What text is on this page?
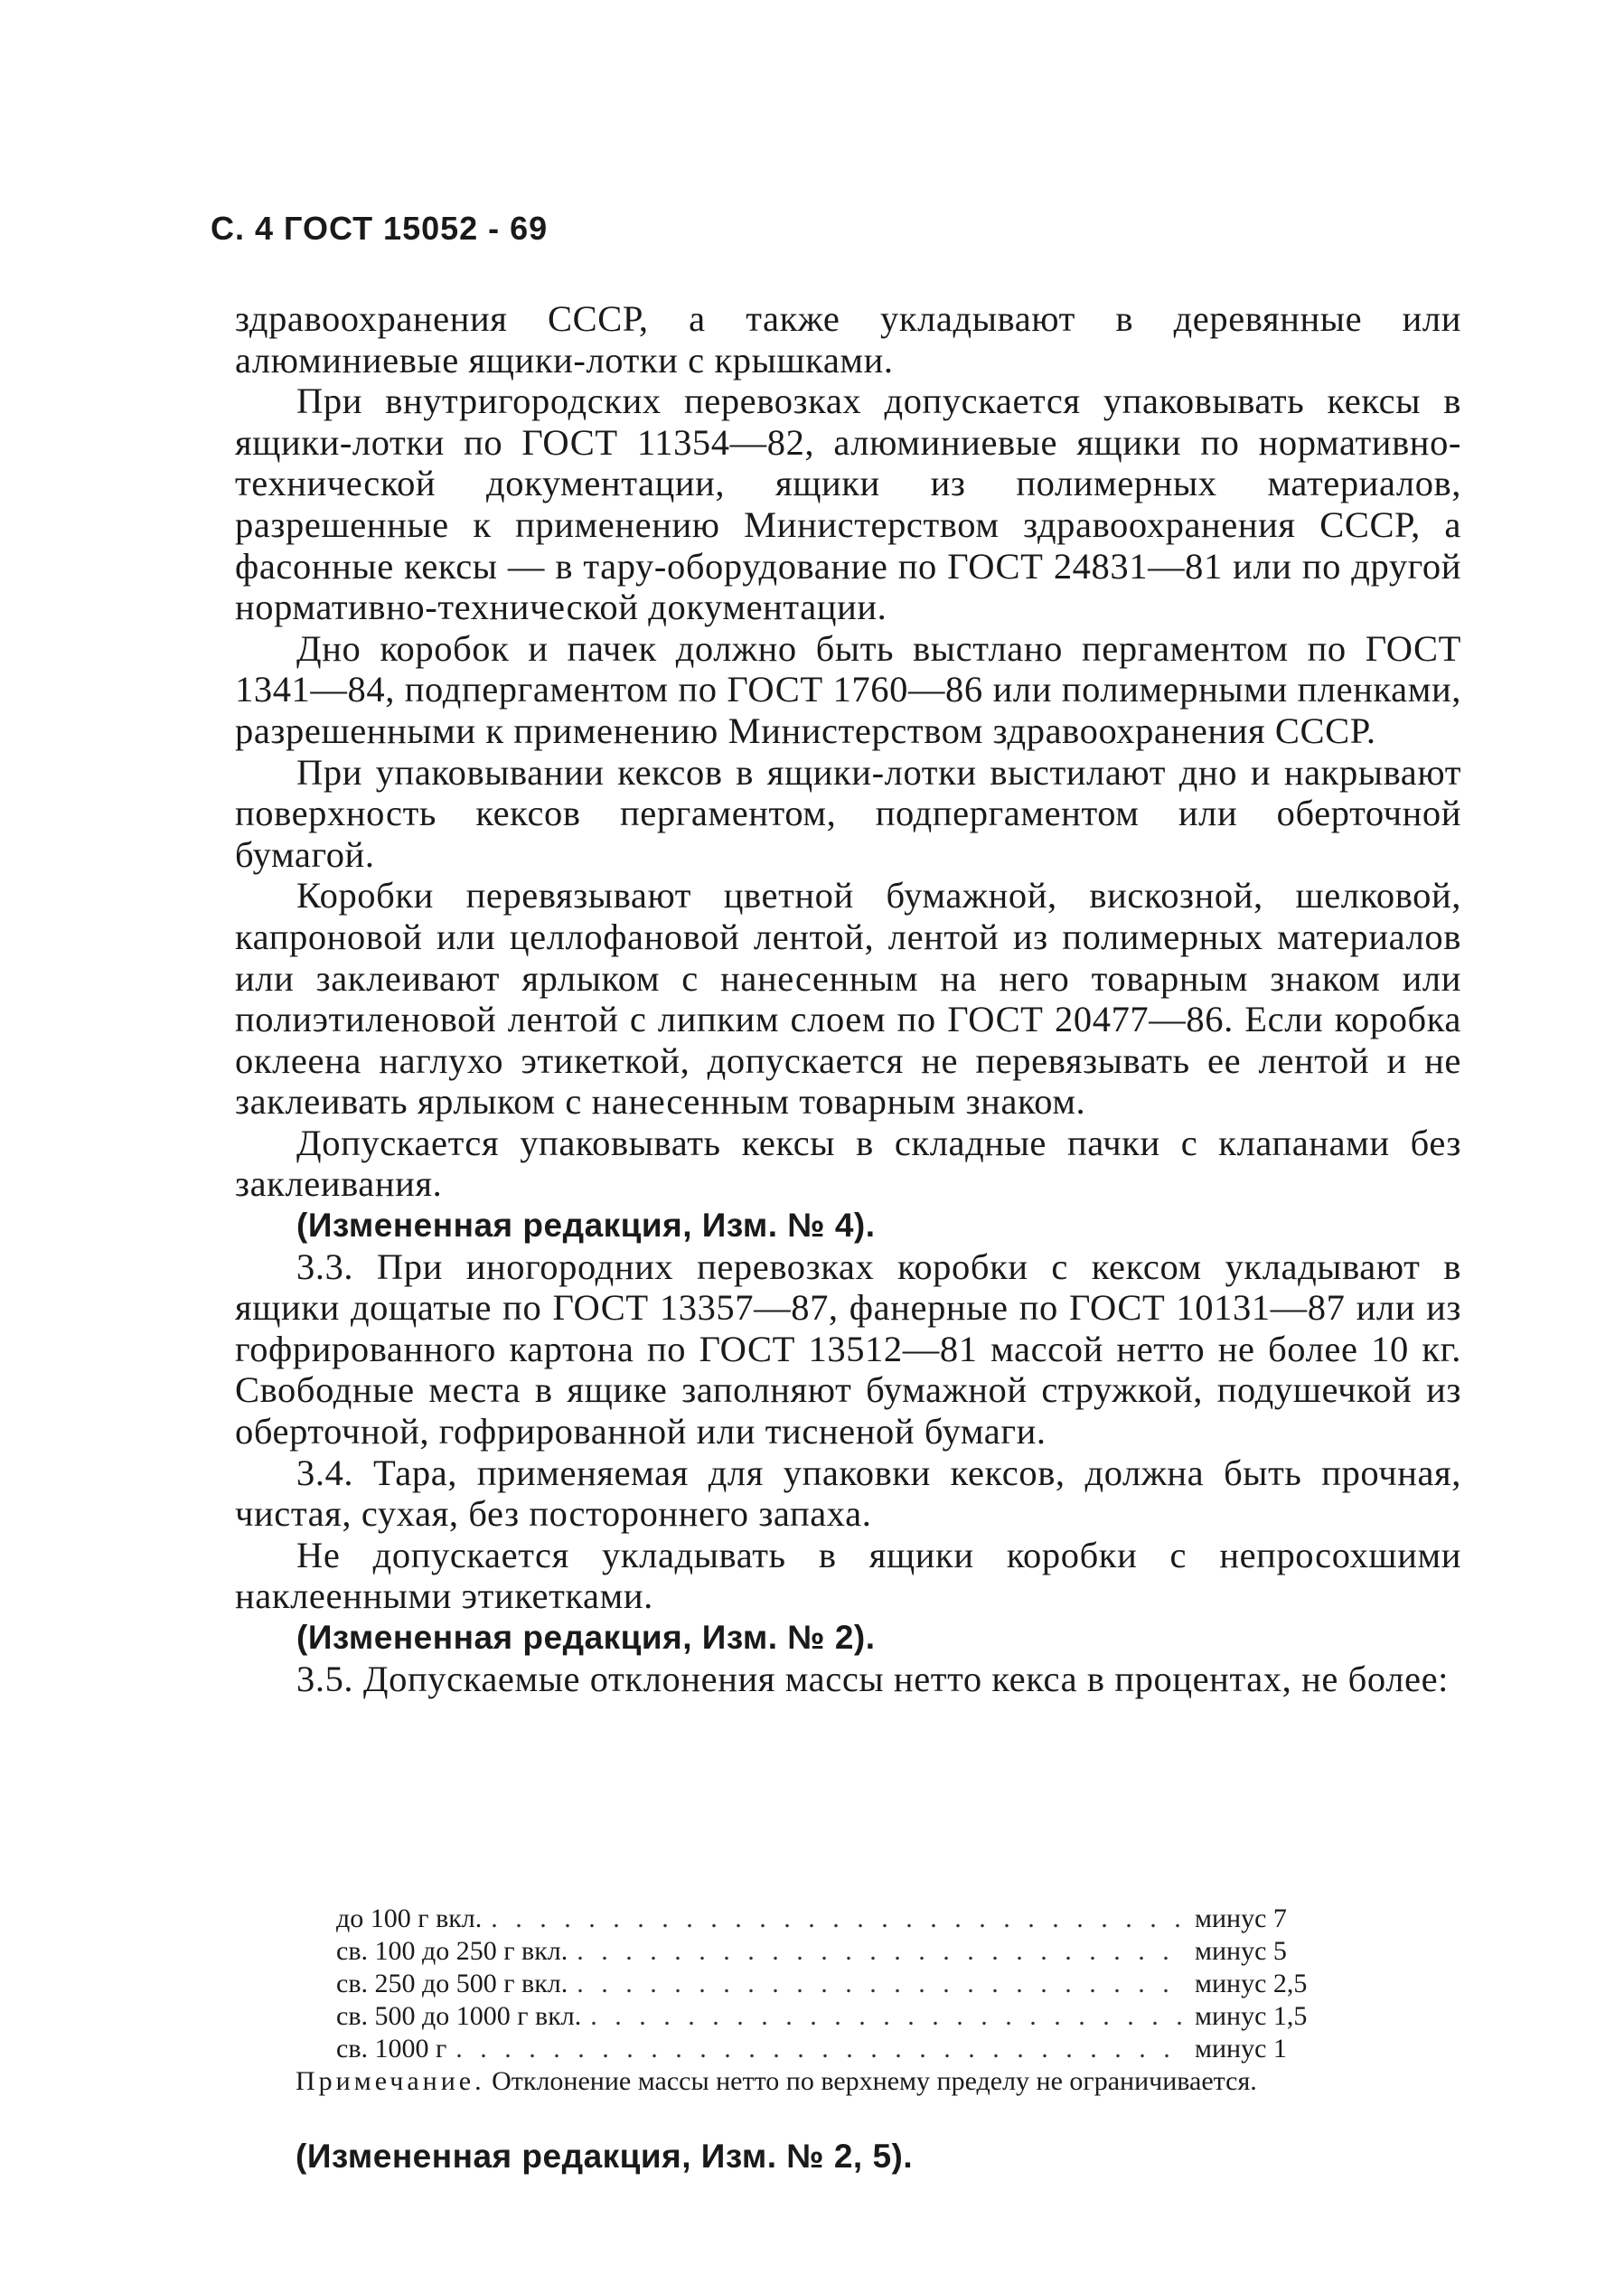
С. 4 ГОСТ 15052 - 69

здравоохранения СССР, а также укладывают в деревянные или алюминиевые ящики-лотки с крышками.

При внутригородских перевозках допускается упаковывать кексы в ящики-лотки по ГОСТ 11354—82, алюминиевые ящики по нормативно-технической документации, ящики из полимерных материалов, разрешенные к применению Министерством здравоохранения СССР, а фасонные кексы — в тару-оборудование по ГОСТ 24831—81 или по другой нормативно-технической документации.

Дно коробок и пачек должно быть выстлано пергаментом по ГОСТ 1341—84, подпергаментом по ГОСТ 1760—86 или полимерными пленками, разрешенными к применению Министерством здравоохранения СССР.

При упаковывании кексов в ящики-лотки выстилают дно и накрывают поверхность кексов пергаментом, подпергаментом или оберточной бумагой.

Коробки перевязывают цветной бумажной, вискозной, шелковой, капроновой или целлофановой лентой, лентой из полимерных материалов или заклеивают ярлыком с нанесенным на него товарным знаком или полиэтиленовой лентой с липким слоем по ГОСТ 20477—86. Если коробка оклеена наглухо этикеткой, допускается не перевязывать ее лентой и не заклеивать ярлыком с нанесенным товарным знаком.

Допускается упаковывать кексы в складные пачки с клапанами без заклеивания.

(Измененная редакция, Изм. № 4).

3.3. При иногородних перевозках коробки с кексом укладывают в ящики дощатые по ГОСТ 13357—87, фанерные по ГОСТ 10131—87 или из гофрированного картона по ГОСТ 13512—81 массой нетто не более 10 кг. Свободные места в ящике заполняют бумажной стружкой, подушечкой из оберточной, гофрированной или тисненой бумаги.

3.4. Тара, применяемая для упаковки кексов, должна быть прочная, чистая, сухая, без постороннего запаха.

Не допускается укладывать в ящики коробки с непросохшими наклеенными этикетками.

(Измененная редакция, Изм. № 2).

3.5. Допускаемые отклонения массы нетто кекса в процентах, не более:

до 100 г вкл. . . .	минус 7
св. 100 до 250 г вкл. . . .	минус 5
св. 250 до 500 г вкл. . . .	минус 2,5
св. 500 до 1000 г вкл. . . .	минус 1,5
св. 1000 г . . .	минус 1
Примечание. Отклонение массы нетто по верхнему пределу не ограничивается.
(Измененная редакция, Изм. № 2, 5).
